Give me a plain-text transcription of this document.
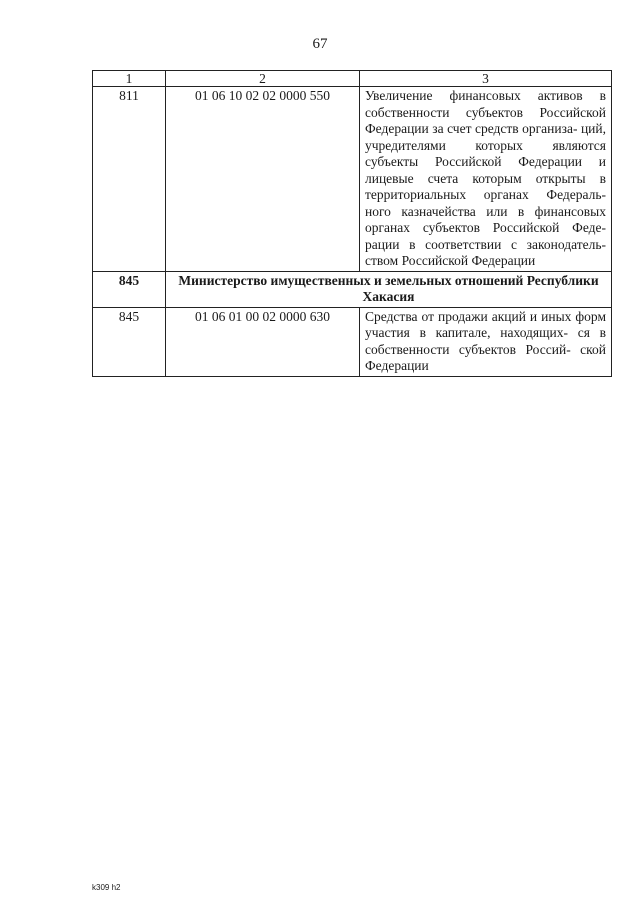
67
1	2	3
811	01 06 10 02 02 0000 550	Увеличение финансовых активов в собственности субъектов Российской Федерации за счет средств организа- ций, учредителями которых являются субъекты Российской Федерации и лицевые счета которым открыты в территориальных органах Федераль- ного казначейства или в финансовых органах субъектов Российской Феде- рации в соответствии с законодатель- ством Российской Федерации

845	Министерство имущественных и земельных отношений Республики Хакасия	
845	01 06 01 00 02 0000 630	Средства от продажи акций и иных форм участия в капитале, находящих- ся в собственности субъектов Россий- ской Федерации
k309 h2
